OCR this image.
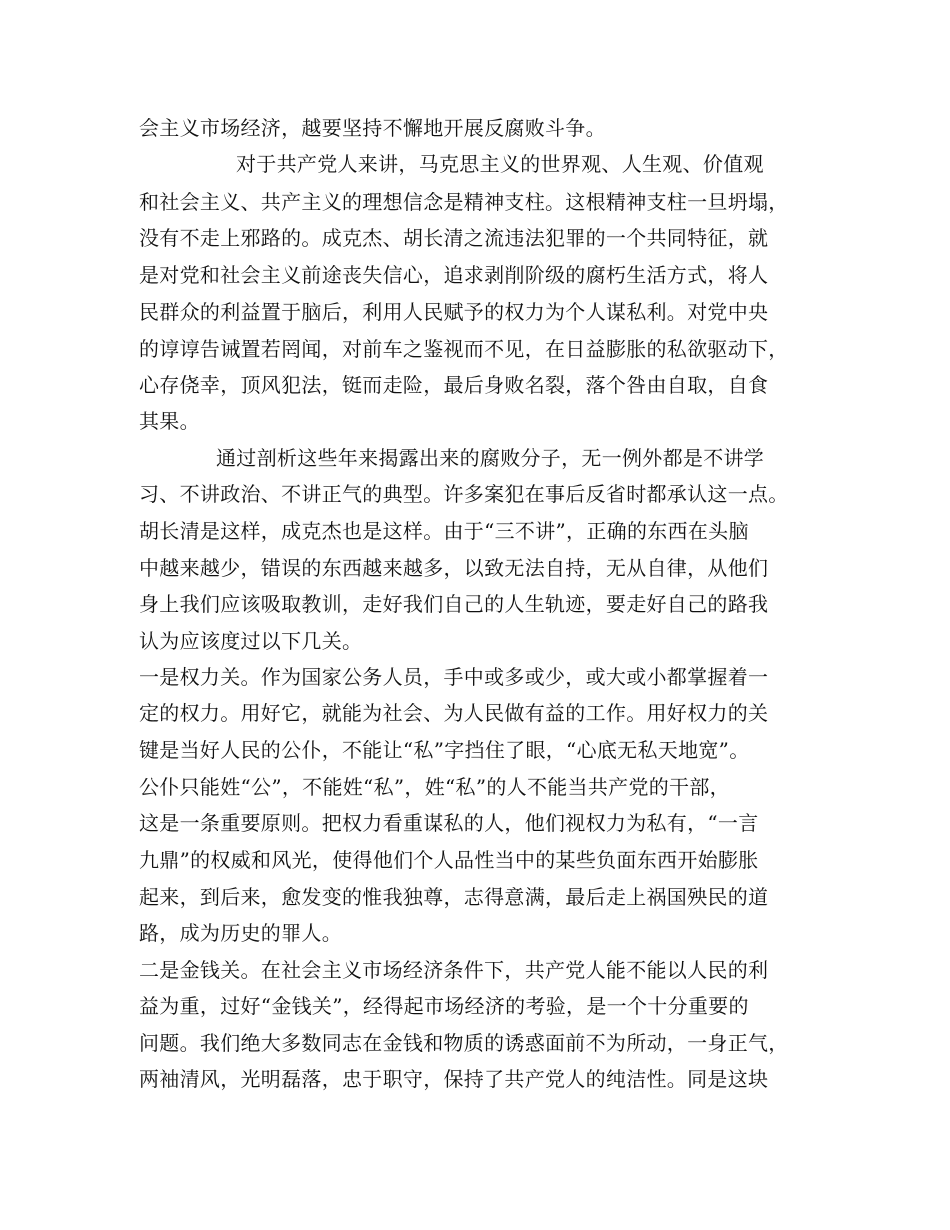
会主义市场经济，越要坚持不懈地开展反腐败斗争。
对于共产党人来讲，马克思主义的世界观、人生观、价值观
和社会主义、共产主义的理想信念是精神支柱。这根精神支柱一旦坍塌，
没有不走上邪路的。成克杰、胡长清之流违法犯罪的一个共同特征，就
是对党和社会主义前途丧失信心，追求剥削阶级的腐朽生活方式，将人
民群众的利益置于脑后，利用人民赋予的权力为个人谋私利。对党中央
的谆谆告诫置若罔闻，对前车之鉴视而不见，在日益膨胀的私欲驱动下，
心存侥幸，顶风犯法，铤而走险，最后身败名裂，落个咎由自取，自食
其果。
通过剖析这些年来揭露出来的腐败分子，无一例外都是不讲学
习、不讲政治、不讲正气的典型。许多案犯在事后反省时都承认这一点。
胡长清是这样，成克杰也是这样。由于“三不讲”，正确的东西在头脑
中越来越少，错误的东西越来越多，以致无法自持，无从自律，从他们
身上我们应该吸取教训，走好我们自己的人生轨迹，要走好自己的路我
认为应该度过以下几关。
一是权力关。作为国家公务人员，手中或多或少，或大或小都掌握着一
定的权力。用好它，就能为社会、为人民做有益的工作。用好权力的关
键是当好人民的公仆，不能让“私”字挡住了眼，“心底无私天地宽”。
公仆只能姓“公”，不能姓“私”，姓“私”的人不能当共产党的干部，
这是一条重要原则。把权力看重谋私的人，他们视权力为私有，“一言
九鼎”的权威和风光，使得他们个人品性当中的某些负面东西开始膨胀
起来，到后来，愈发变的惟我独尊，志得意满，最后走上祸国殃民的道
路，成为历史的罪人。
二是金钱关。在社会主义市场经济条件下，共产党人能不能以人民的利
益为重，过好“金钱关”，经得起市场经济的考验，是一个十分重要的
问题。我们绝大多数同志在金钱和物质的诱惑面前不为所动，一身正气，
两袖清风，光明磊落，忠于职守，保持了共产党人的纯洁性。同是这块
